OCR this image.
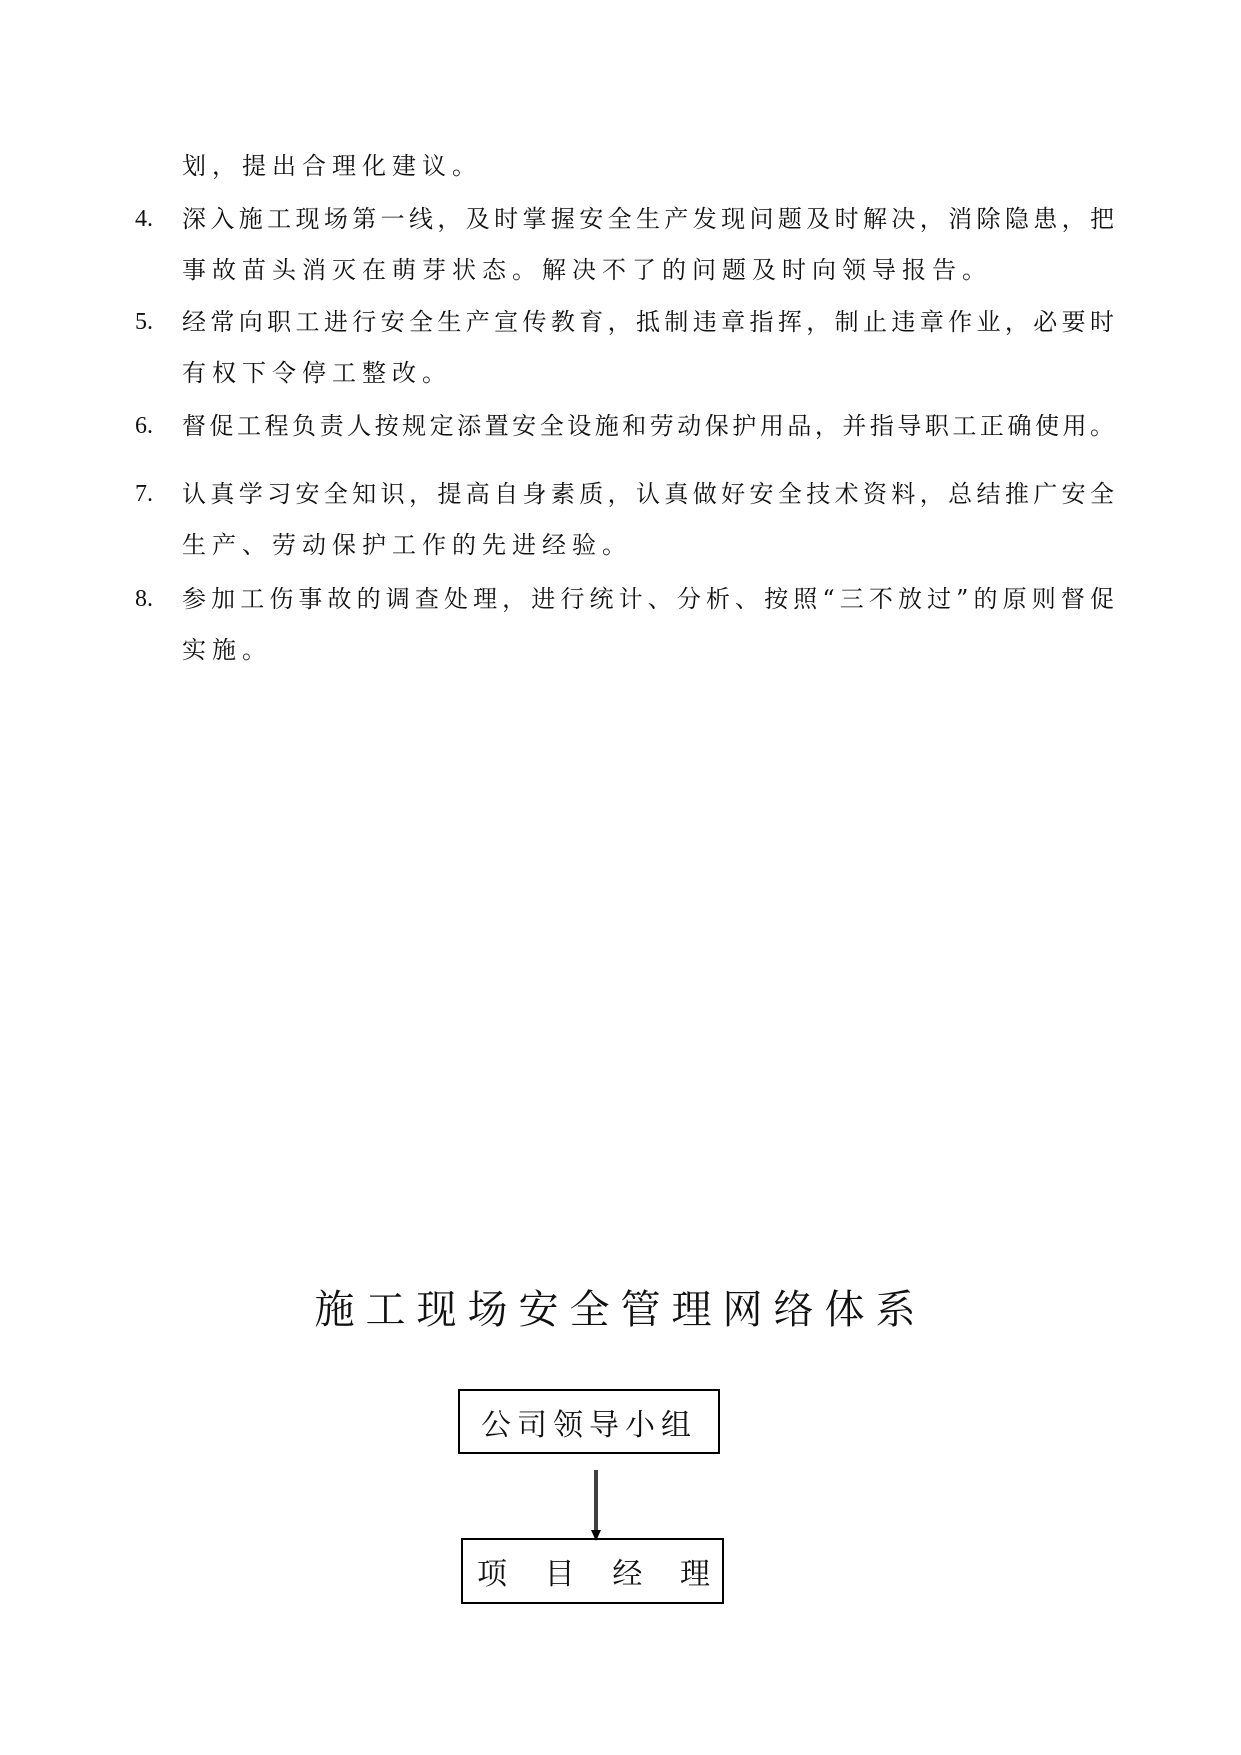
划，提出合理化建议。
4. 深入施工现场第一线，及时掌握安全生产发现问题及时解决，消除隐患，把
事故苗头消灭在萌芽状态。解决不了的问题及时向领导报告。
5. 经常向职工进行安全生产宣传教育，抵制违章指挥，制止违章作业，必要时
有权下令停工整改。
6. 督促工程负责人按规定添置安全设施和劳动保护用品，并指导职工正确使用。
7. 认真学习安全知识，提高自身素质，认真做好安全技术资料，总结推广安全
生产、劳动保护工作的先进经验。
8. 参加工伤事故的调查处理，进行统计、分析、按照“三不放过”的原则督促
实施。
施工现场安全管理网络体系
公司领导小组
项 目 经 理
